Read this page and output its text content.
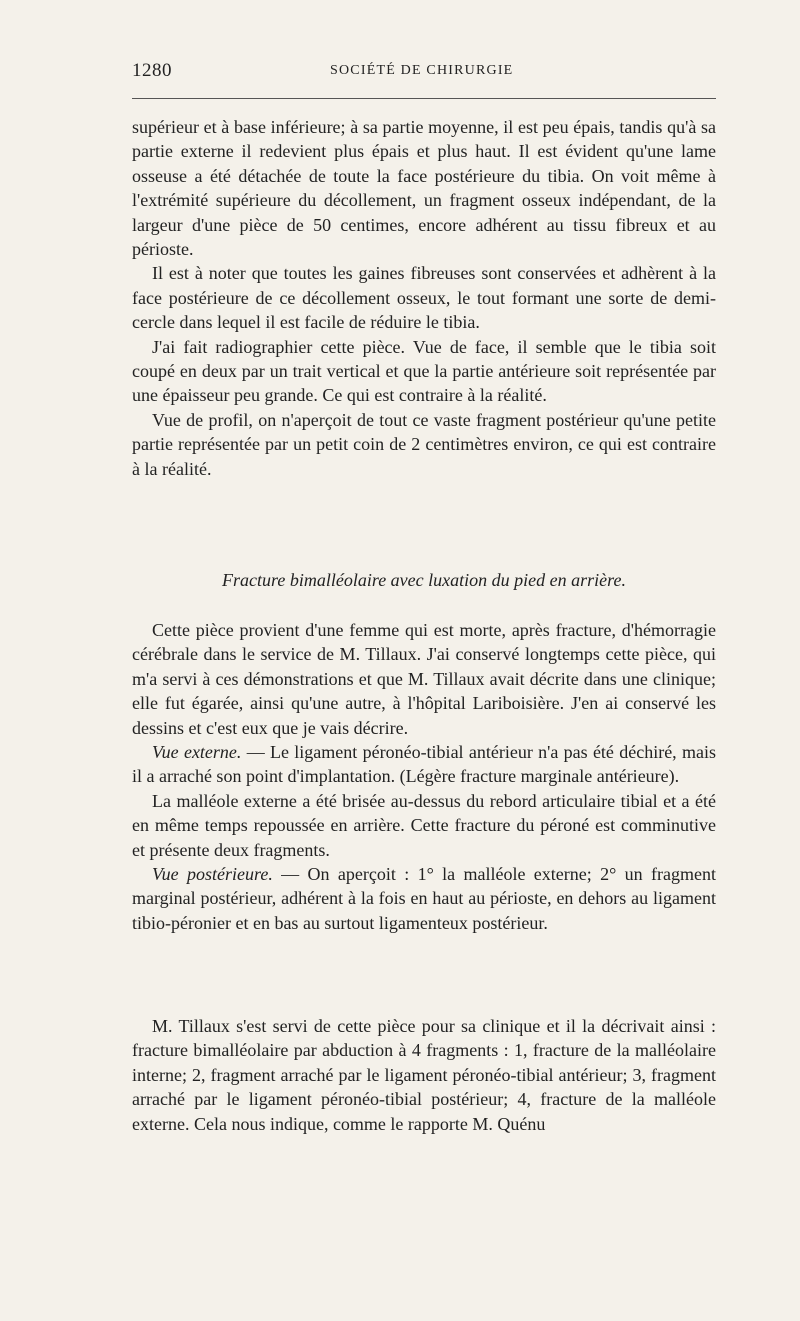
1280	SOCIÉTÉ DE CHIRURGIE

supérieur et à base inférieure; à sa partie moyenne, il est peu épais, tandis qu'à sa partie externe il redevient plus épais et plus haut. Il est évident qu'une lame osseuse a été détachée de toute la face postérieure du tibia. On voit même à l'extrémité supérieure du décollement, un fragment osseux indépendant, de la largeur d'une pièce de 50 centimes, encore adhérent au tissu fibreux et au périoste.

Il est à noter que toutes les gaines fibreuses sont conservées et adhèrent à la face postérieure de ce décollement osseux, le tout formant une sorte de demi-cercle dans lequel il est facile de réduire le tibia.

J'ai fait radiographier cette pièce. Vue de face, il semble que le tibia soit coupé en deux par un trait vertical et que la partie antérieure soit représentée par une épaisseur peu grande. Ce qui est contraire à la réalité.

Vue de profil, on n'aperçoit de tout ce vaste fragment postérieur qu'une petite partie représentée par un petit coin de 2 centimètres environ, ce qui est contraire à la réalité.

Fracture bimalléolaire avec luxation du pied en arrière.

Cette pièce provient d'une femme qui est morte, après fracture, d'hémorragie cérébrale dans le service de M. Tillaux. J'ai conservé longtemps cette pièce, qui m'a servi à ces démonstrations et que M. Tillaux avait décrite dans une clinique; elle fut égarée, ainsi qu'une autre, à l'hôpital Lariboisière. J'en ai conservé les dessins et c'est eux que je vais décrire.

Vue externe. — Le ligament péronéo-tibial antérieur n'a pas été déchiré, mais il a arraché son point d'implantation. (Légère fracture marginale antérieure).

La malléole externe a été brisée au-dessus du rebord articulaire tibial et a été en même temps repoussée en arrière. Cette fracture du péroné est comminutive et présente deux fragments.

Vue postérieure. — On aperçoit : 1° la malléole externe; 2° un fragment marginal postérieur, adhérent à la fois en haut au périoste, en dehors au ligament tibio-péronier et en bas au surtout ligamenteux postérieur.

M. Tillaux s'est servi de cette pièce pour sa clinique et il la décrivait ainsi : fracture bimalléolaire par abduction à 4 fragments : 1, fracture de la malléolaire interne; 2, fragment arraché par le ligament péronéo-tibial antérieur; 3, fragment arraché par le ligament péronéo-tibial postérieur; 4, fracture de la malléole externe. Cela nous indique, comme le rapporte M. Quénu
